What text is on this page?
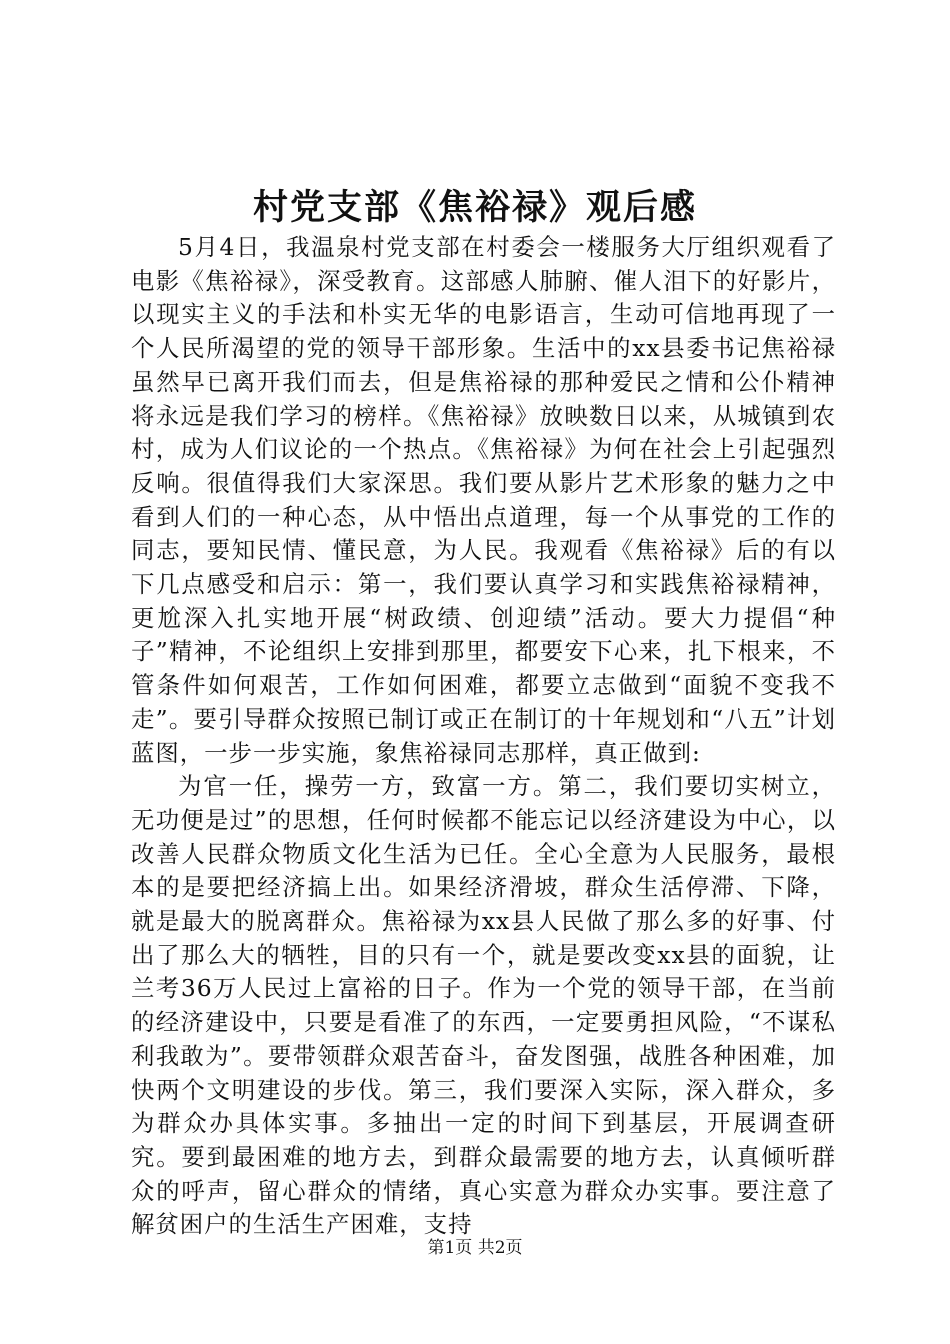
村党支部《焦裕禄》观后感

5月4日，我温泉村党支部在村委会一楼服务大厅组织观看了电影《焦裕禄》，深受教育。这部感人肺腑、催人泪下的好影片，以现实主义的手法和朴实无华的电影语言，生动可信地再现了一个人民所渴望的党的领导干部形象。生活中的xx县委书记焦裕禄虽然早已离开我们而去，但是焦裕禄的那种爱民之情和公仆精神将永远是我们学习的榜样。《焦裕禄》放映数日以来，从城镇到农村，成为人们议论的一个热点。《焦裕禄》为何在社会上引起强烈反响。很值得我们大家深思。我们要从影片艺术形象的魅力之中看到人们的一种心态，从中悟出点道理，每一个从事党的工作的同志，要知民情、懂民意，为人民。我观看《焦裕禄》后的有以下几点感受和启示：第一，我们要认真学习和实践焦裕禄精神，更尬深入扎实地开展“树政绩、创迎绩”活动。要大力提倡“种子”精神，不论组织上安排到那里，都要安下心来，扎下根来，不管条件如何艰苦，工作如何困难，都要立志做到“面貌不变我不走”。要引导群众按照已制订或正在制订的十年规划和“八五”计划蓝图，一步一步实施，象焦裕禄同志那样，真正做到:

为官一任，操劳一方，致富一方。第二，我们要切实树立，无功便是过”的思想，任何时候都不能忘记以经济建设为中心，以改善人民群众物质文化生活为已任。全心全意为人民服务，最根本的是要把经济搞上出。如果经济滑坡，群众生活停滞、下降，就是最大的脱离群众。焦裕禄为xx县人民做了那么多的好事、付出了那么大的牺牲，目的只有一个，就是要改变xx县的面貌，让兰考36万人民过上富裕的日子。作为一个党的领导干部，在当前的经济建设中，只要是看准了的东西，一定要勇担风险，“不谋私利我敢为”。要带领群众艰苦奋斗，奋发图强，战胜各种困难，加快两个文明建设的步伐。第三，我们要深入实际，深入群众，多为群众办具体实事。多抽出一定的时间下到基层，开展调查研究。要到最困难的地方去，到群众最需要的地方去，认真倾听群众的呼声，留心群众的情绪，真心实意为群众办实事。要注意了解贫困户的生活生产困难，支持

第1页 共2页
